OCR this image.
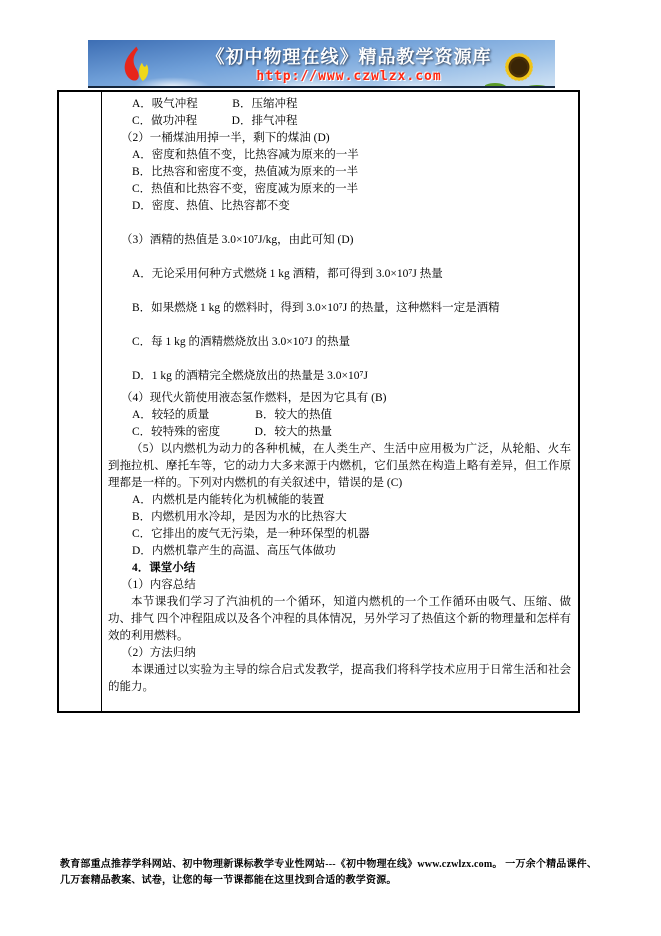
《初中物理在线》精品教学资源库
http://www.czwlzx.com
A．吸气冲程　　　B．压缩冲程
C．做功冲程　　　D．排气冲程
（2）一桶煤油用掉一半，剩下的煤油 (D)
A．密度和热值不变，比热容减为原来的一半
B．比热容和密度不变，热值减为原来的一半
C．热值和比热容不变，密度减为原来的一半
D．密度、热值、比热容都不变
（3）酒精的热值是 3.0×10⁷J/kg，由此可知 (D)
A．无论采用何种方式燃烧 1 kg 酒精，都可得到 3.0×10⁷J 热量
B．如果燃烧 1 kg 的燃料时，得到 3.0×10⁷J 的热量，这种燃料一定是酒精
C．每 1 kg 的酒精燃烧放出 3.0×10⁷J 的热量
D．1 kg 的酒精完全燃烧放出的热量是 3.0×10⁷J
（4）现代火箭使用液态氢作燃料，是因为它具有 (B)
A．较轻的质量　　　　B．较大的热值
C．较特殊的密度　　　D．较大的热量
（5）以内燃机为动力的各种机械，在人类生产、生活中应用极为广泛，从轮船、火车到拖拉机、摩托车等，它的动力大多来源于内燃机，它们虽然在构造上略有差异，但工作原理都是一样的。下列对内燃机的有关叙述中，错误的是 (C)
A．内燃机是内能转化为机械能的装置
B．内燃机用水冷却，是因为水的比热容大
C．它排出的废气无污染，是一种环保型的机器
D．内燃机靠产生的高温、高压气体做功
4．课堂小结
（1）内容总结
本节课我们学习了汽油机的一个循环，知道内燃机的一个工作循环由吸气、压缩、做功、排气 四个冲程阻成以及各个冲程的具体情况，另外学习了热值这个新的物理量和怎样有效的利用燃料。
（2）方法归纳
本课通过以实验为主导的综合启式发教学，提高我们将科学技术应用于日常生活和社会的能力。
教育部重点推荐学科网站、初中物理新课标教学专业性网站---《初中物理在线》www.czwlzx.com。 一万余个精品课件、
几万套精品教案、试卷，让您的每一节课都能在这里找到合适的教学资源。
